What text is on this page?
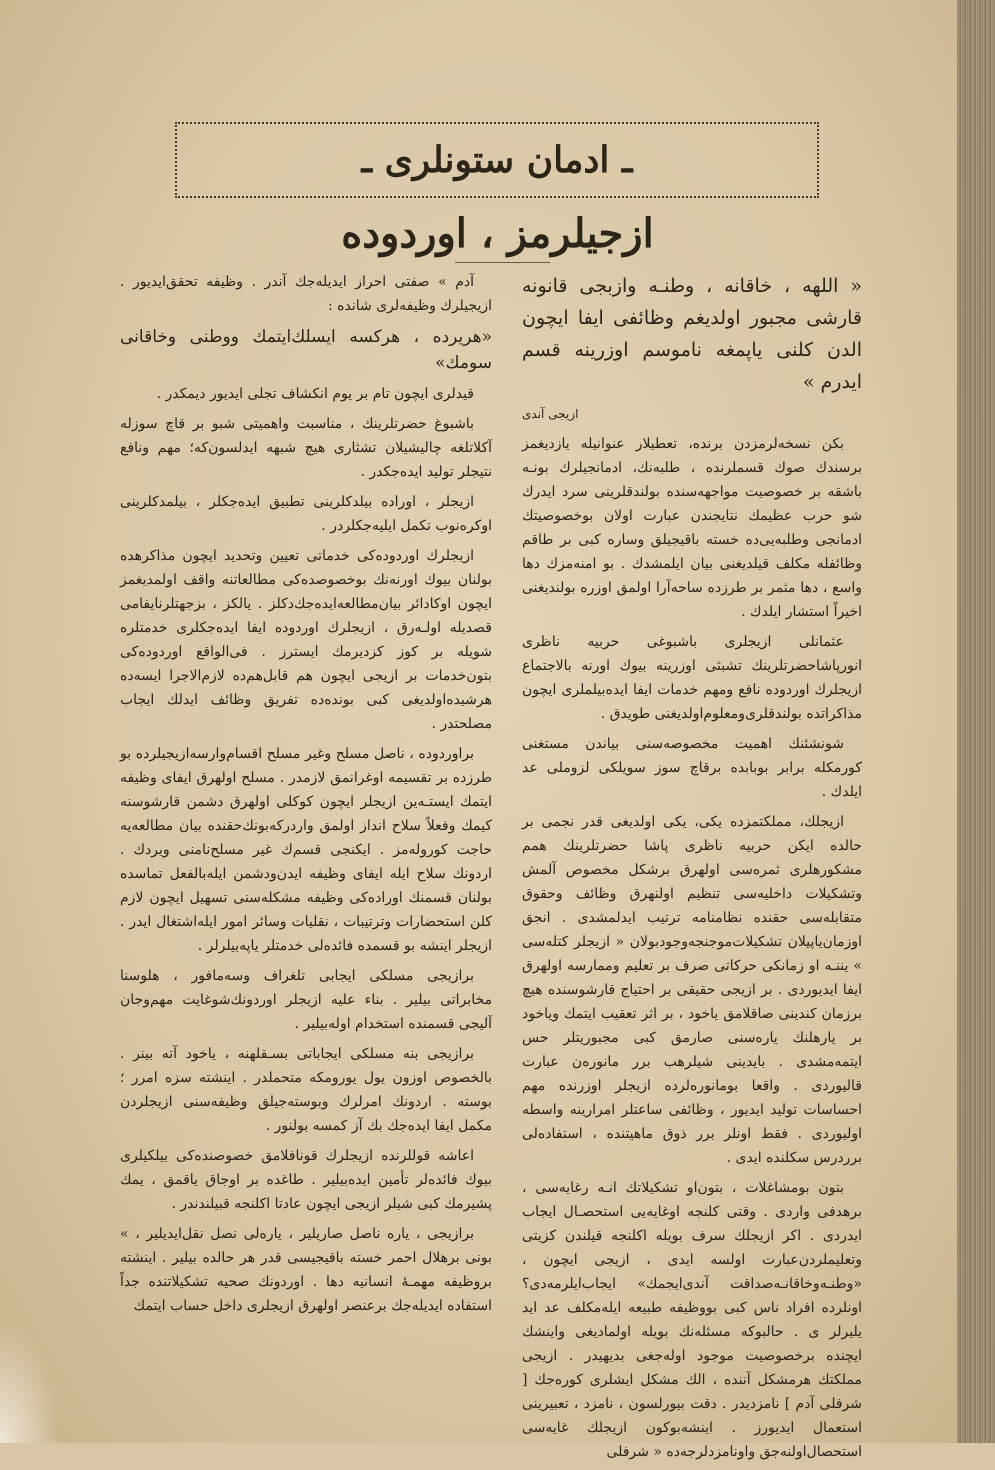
ـ ادمان ستونلری ـ
ازجیلرمز ، اوردوده

« اللهه ، خاقانه ، وطنـه وازبجی قانونه قارشی مجبور اولدیغم وظائفی ایفا ایچون الدن کلنی یاپمغه ناموسم اوزرینه قسم ایدرم »

ازیجی آندی

بکن نسخه‌لرمزدن برنده، تعطیلار عنوانیله یازدیغمز برسندك صوك قسملرنده ، طلبه‌نك، ادمانجیلرك بونـه باشقه بر خصوصیت مواجهه‌سنده بولندقلرینی سرد ایدرك شو حرب عظیمك نتایجندن عبارت اولان بوخصوصیتك ادمانجی وطلبه‌یی‌ده خسته باقیجیلق وساره کبی بر طاقم وظائفله مکلف قیلدیغنی بیان ایلمشدك . بو امنه‌مزك دها واسع ، دها مثمر بر طرزده ساحه‌آرا اولمق اوزره بولندیغنی اخیراً استشار ایلدك .

عثمانلی ازیجلری باشبوغی حربیه ناظری انورپاشاحضرتلرینك تشبثی اوزرینه بیوك اورنه بالاجتماع ازیجلرك اوردوده نافع ومهم خدمات ایفا ایده‌بیلملری ایچون مذاکراتده بولندقلری‌ومعلوم‌اولدیغنی طویدق .

شونشئنك اهمیت مخصوصه‌سنی بیاندن مستغنی کورمکله برابر بوبابده برقاچ سوز سویلکی لزوملی عد ایلدك .

ازیجلك، مملکتمزده یکی، یکی اولدیغی قدر نجمی بر حالده ایکن حربیه ناظری پاشا حضرتلرینك همم مشکورهلری ثمره‌سی اولهرق برشکل مخصوص آلمش وتشکیلات داخلیه‌سی تنظیم اولنهرق وظائف وحقوق متقابله‌سی حقنده نظامنامه ترتیب ایدلمشدی . انجق اوزمان‌یاپیلان تشکیلات‌موجنجه‌وجودبولان « ازیجلر کتله‌سی » یننـه او زمانکی حرکاتی صرف بر تعلیم وممارسه اولهرق ایفا ایدیوردی . بر ازیجی حقیقی بر احتیاج قارشوسنده هیچ برزمان کندینی صاقلامق یاخود ، بر اثر تعقیب ایتمك ویاخود بر یارهلنك یاره‌سنی صارمق کبی مجبوریتلر حس ایتمه‌مشدی . بایدینی شیلرهب برر مانوره‌ن عبارت قالیوردی . واقعا بومانوره‌لرده ازیجلر اوزرنده مهم احساسات تولید ایدیور ، وظائفی ساعتلر امرارینه واسطه اولیوردی . فقط اونلر برر ذوق ماهیتنده ، استفاده‌لی برردرس سکلنده ایدی .

بتون بومشاغلات ، بتون‌او تشکیلاتك انـه رغایه‌سی ، برهدفی واردی . وقتی کلنجه اوغایه‌یی استحصـال ایجاب ایدردی . اکر ازیجلك سرف بویله اکلنجه قیلندن کزیتی وتعلیملردن‌عبارت اولسه ایدی ، ازیجی ایچون ، «وطنـه‌وخاقانـه‌صداقت آندی‌ایجمك» ایجاب‌ایلرمه‌دی؟ اونلرده افراد ناس کبی بووظیفه طبیعه ایله‌مکلف عد اید یلیرلر ی . حالبوکه مسئله‌نك بویله اولمادیغی واینشك ایچنده برخصوصیت موجود اوله‌جغی بدیهیدر . ازیجی مملکتك هرمشکل آننده ، الك مشکل ایشلری کوره‌جك [ شرفلی آدم ] نامزدیدر . دقت بیورلسون ، نامزد ، تعبیرینی استعمال ایدیورز . اینشه‌بوکون ازیجلك غایه‌سی استحصال‌اولنه‌جق واونامزدلرجه‌ده « شرفلی

آدم » صفتی احراز ایدیله‌جك آندر . وظیفه تحقق‌ایدیور . ازیجیلرك وظیفه‌لری شانده :

«هریرده ، هرکسه ایسلك‌ایتمك ووطنی وخاقانی سومك»

قیدلری ایچون تام بر یوم انکشاف تجلی ایدیور دیمکدر .

باشبوغ حضرتلرینك ، مناسبت واهمیتی شبو بر قاچ سوزله آکلاتلغه چالیشیلان تشثاری هیچ شبهه ایدلسون‌که؛ مهم ونافع نتیجلر تولید ایده‌جکدر .

ازیجلر ، اوراده بیلدکلرینی تطبیق ایده‌جکلر ، بیلمدکلرینی اوکره‌نوب تکمل ایلیه‌جکلردر .

ازیجلرك اوردوده‌کی خدماتی تعیین وتحدید ایچون مذاکرهده بولنان بیوك اورنه‌نك بوخصوصده‌کی مطالعاتنه واقف اولمدیغمز ایچون اوکادائر بیان‌مطالعه‌ایده‌جك‌دکلز . یالکز ، بزجهتلرنایفامی قصدیله اولـه‌رق ، ازیجلرك اوردوده ایفا ایده‌جکلری خدمتلره شویله بر کوز کزدیرمك ایسترز . فی‌الواقع اوردوده‌کی بتون‌خدمات بر ازیجی ایچون هم قابل‌هم‌ده لازم‌الاجرا ایسه‌ده هرشیده‌اولدیغی کبی بونده‌ده تفریق وظائف ایدلك ایجاب مصلحتدر .

براوردوده ، ناصل مسلح وغیر مسلح اقسام‌وارسه‌ازیجیلرده بو طرزده بر تقسیمه اوغرانمق لازمدر . مسلح اولهرق ایفای وظیفه ایتمك ایستـه‌ین ازیجلر ایچون کوکلی اولهرق دشمن قارشوسنه کیمك وفعلاً سلاح انداز اولمق واردرکه‌بونك‌حقنده بیان مطالعه‌یه حاجت کوروله‌مز . ایکنجی قسم‌ك غیر مسلح‌نامنی ویردك . اردونك سلاح ایله ایفای وظیفه ایدن‌ودشمن ایله‌بالفعل تماسده بولنان قسمنك اوراده‌کی وظیفه مشکله‌سنی تسهیل ایچون لازم کلن استحضارات وترتیبات ، نقلیات وسائر امور ایله‌اشتغال ایدر . ازیجلر اینشه بو قسمده فائده‌لی خدمتلر یاپه‌بیلرلر .

برازیجی مسلکی ایجابی تلغراف وسه‌مافور ، هلوسنا مخابراتی بیلیر . بناء علیه ازیجلر اوردونك‌شوغایت مهم‌وجان آلیجی قسمنده استخدام اوله‌بیلیر .

برازیجی بنه مسلکی ایجاباتی بسـقلهنه ، یاخود آته بینر . بالخصوص اوزون یول یورومکه متحملدر . اینشته سزه امرر ؛ بوسته . اردونك امرلرك وبوسته‌جیلق وظیفه‌سنی ازیجلردن مکمل ایفا ایده‌جك بك آز کمسه بولنور .

اعاشه قوللرنده ازیجلرك قونافلامق خصوصنده‌کی بیلکیلری بیوك فائده‌لر تأمین ایده‌بیلیر . طاغده بر اوجاق یاقمق ، یمك پشیرمك کبی شیلر ازیجی ایچون عادتا اکلنجه قبیلندندر .

برازیجی ، یاره ناصل صاریلیر ، یاره‌لی نصل نقل‌ایدیلیر ، ‌» بونی برهلال احمر خسته باقیجیسی قدر هر حالده بیلیر . اینشته بروظیفه مهمـهٔ انسانیه دها . اوردونك صحیه تشکیلاتنده جداً استفاده ایدیله‌جك برعنصر اولهرق ازیجلری داخل حساب ایتمك
